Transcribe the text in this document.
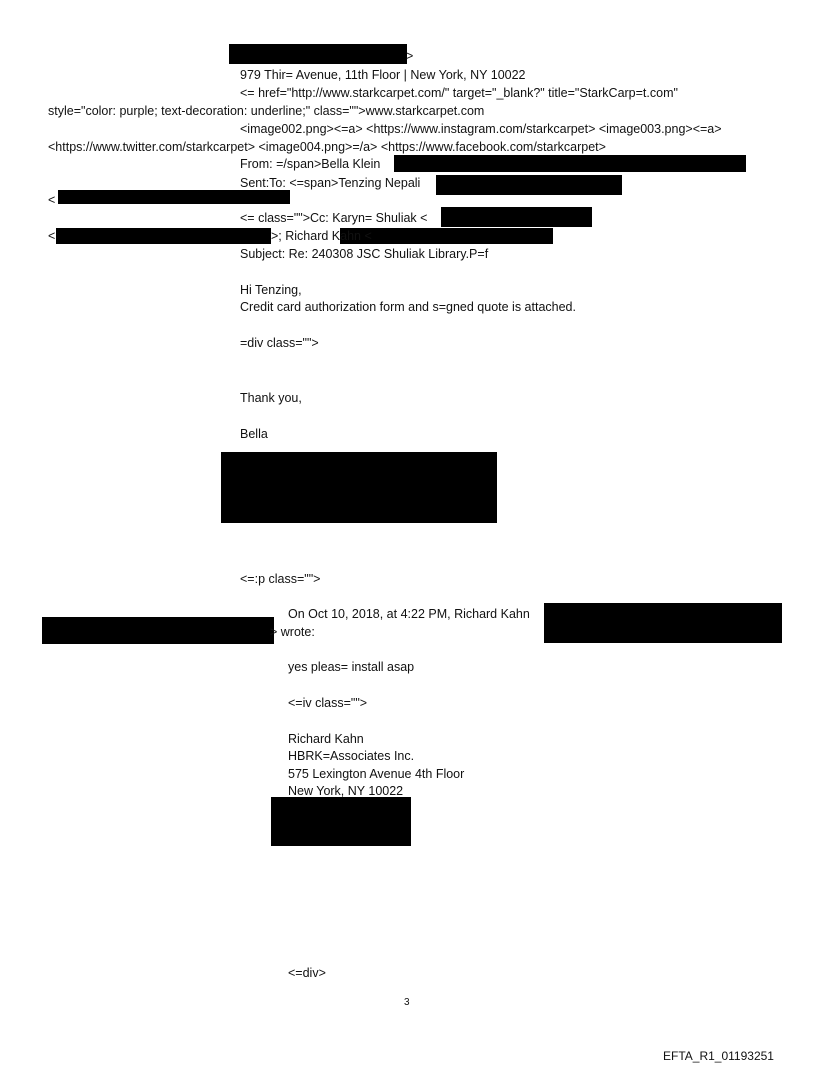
>
979 Thir= Avenue, 11th Floor | New York, NY 10022
<= href="http://www.starkcarpet.com/" target="_blank?" title="StarkCarp=t.com"
style="color: purple; text-decoration: underline;" class="">www.starkcarpet.com
<image002.png><=a> <https://www.instagram.com/starkcarpet> <image003.png><=a>
<https://www.twitter.com/starkcarpet> <image004.png>=/a> <https://www.facebook.com/starkcarpet>
From: =/span>Bella Klein
Sent:To: <=span>Tenzing Nepali
<
<= class="">Cc: Karyn= Shuliak <
<	>; Richard Kahn <
Subject: Re: 240308 JSC Shuliak Library.P=f
Hi Tenzing,
Credit card authorization form and s=gned quote is attached.
=div class="">
Thank you,
Bella
<=:p class="">
On Oct 10, 2018, at 4:22 PM, Richard Kahn
> wrote:
yes pleas= install asap
<=iv class="">
Richard Kahn
HBRK=Associates Inc.
575 Lexington Avenue 4th Floor
New York, NY 10022
<=div>
3
EFTA_R1_01193251
